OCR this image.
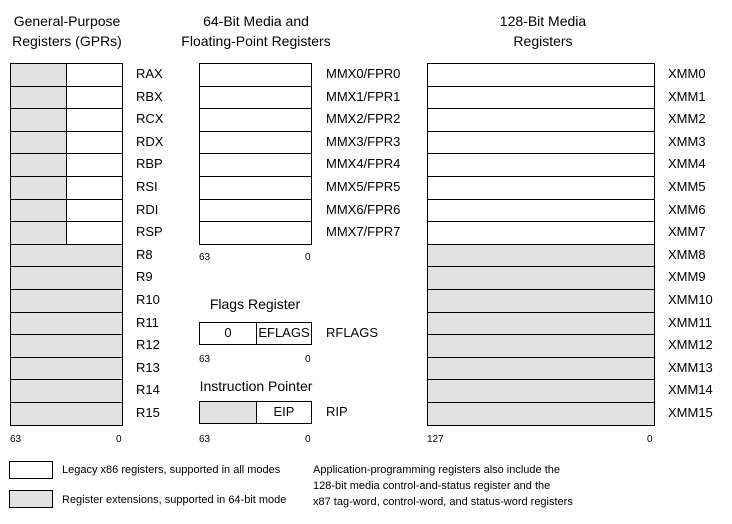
General-Purpose
Registers (GPRs)
64-Bit Media and
Floating-Point Registers
128-Bit Media
Registers
RAX
RBX
RCX
RDX
RBP
RSI
RDI
RSP
R8
R9
R10
R11
R12
R13
R14
R15
MMX0/FPR0
MMX1/FPR1
MMX2/FPR2
MMX3/FPR3
MMX4/FPR4
MMX5/FPR5
MMX6/FPR6
MMX7/FPR7
XMM0
XMM1
XMM2
XMM3
XMM4
XMM5
XMM6
XMM7
XMM8
XMM9
XMM10
XMM11
XMM12
XMM13
XMM14
XMM15
63	0
63	0
Flags Register
0	EFLAGS RFLAGS
63	0
Instruction Pointer
EIP	RIP
63	0	127	0
Legacy x86 registers, supported in all modes
Register extensions, supported in 64-bit mode
Application-programming registers also include the
128-bit media control-and-status register and the
x87 tag-word, control-word, and status-word registers
